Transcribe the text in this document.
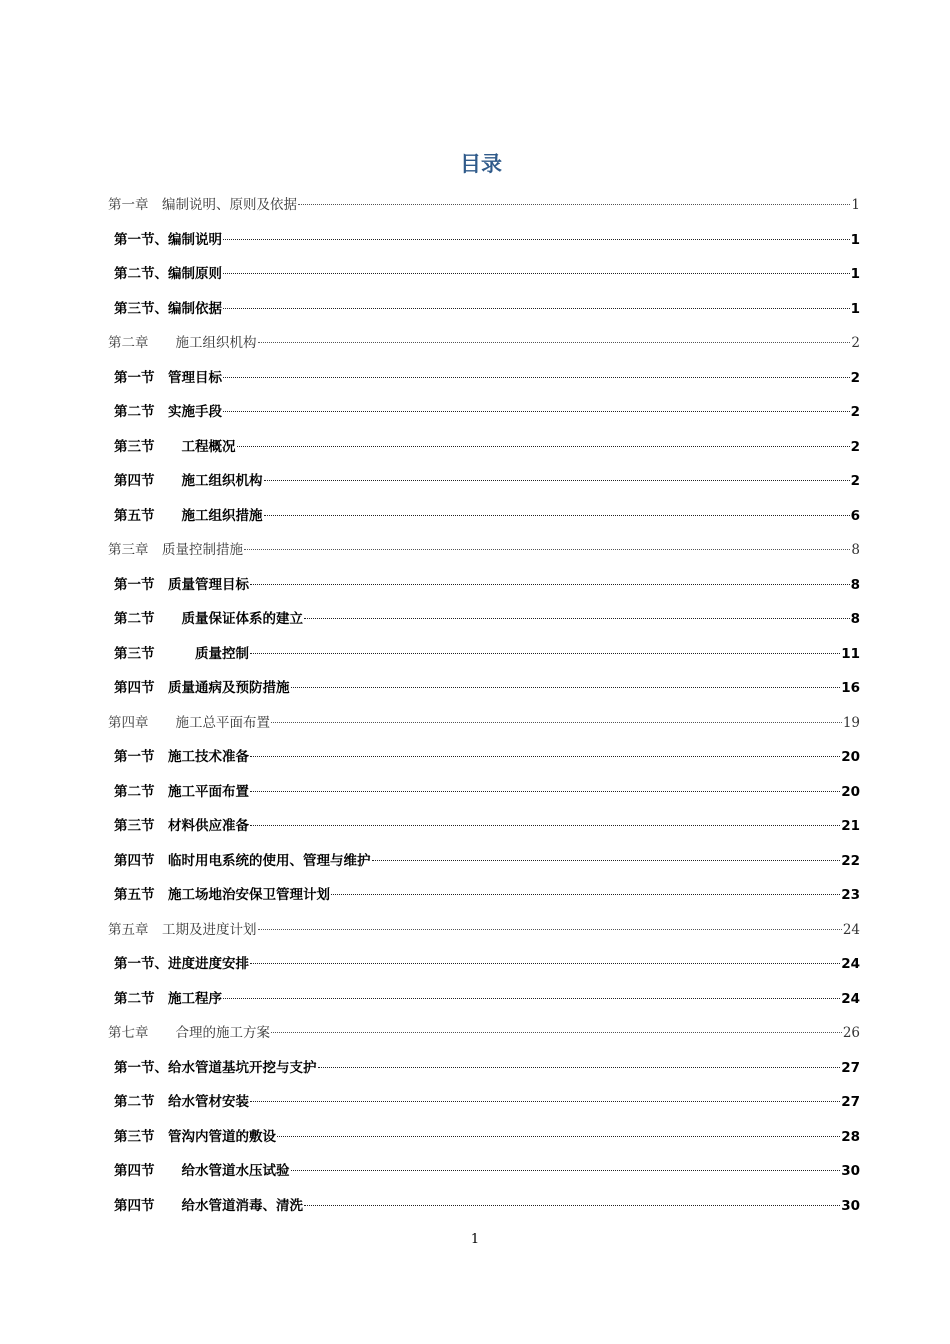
目录
第一章　编制说明、原则及依据	1
第一节、编制说明	1
第二节、编制原则	1
第三节、编制依据	1
第二章　　施工组织机构	2
第一节　管理目标	2
第二节　实施手段	2
第三节　　工程概况	2
第四节　　施工组织机构	2
第五节　　施工组织措施	6
第三章　质量控制措施	8
第一节　质量管理目标	8
第二节　　质量保证体系的建立	8
第三节　　　质量控制	11
第四节　质量通病及预防措施	16
第四章　　施工总平面布置	19
第一节　施工技术准备	20
第二节　施工平面布置	20
第三节　材料供应准备	21
第四节　临时用电系统的使用、管理与维护	22
第五节　施工场地治安保卫管理计划	23
第五章　工期及进度计划	24
第一节、进度进度安排	24
第二节　施工程序	24
第七章　　合理的施工方案	26
第一节、给水管道基坑开挖与支护	27
第二节　给水管材安装	27
第三节　管沟内管道的敷设	28
第四节　　给水管道水压试验	30
第四节　　给水管道消毒、清洗	30
1
